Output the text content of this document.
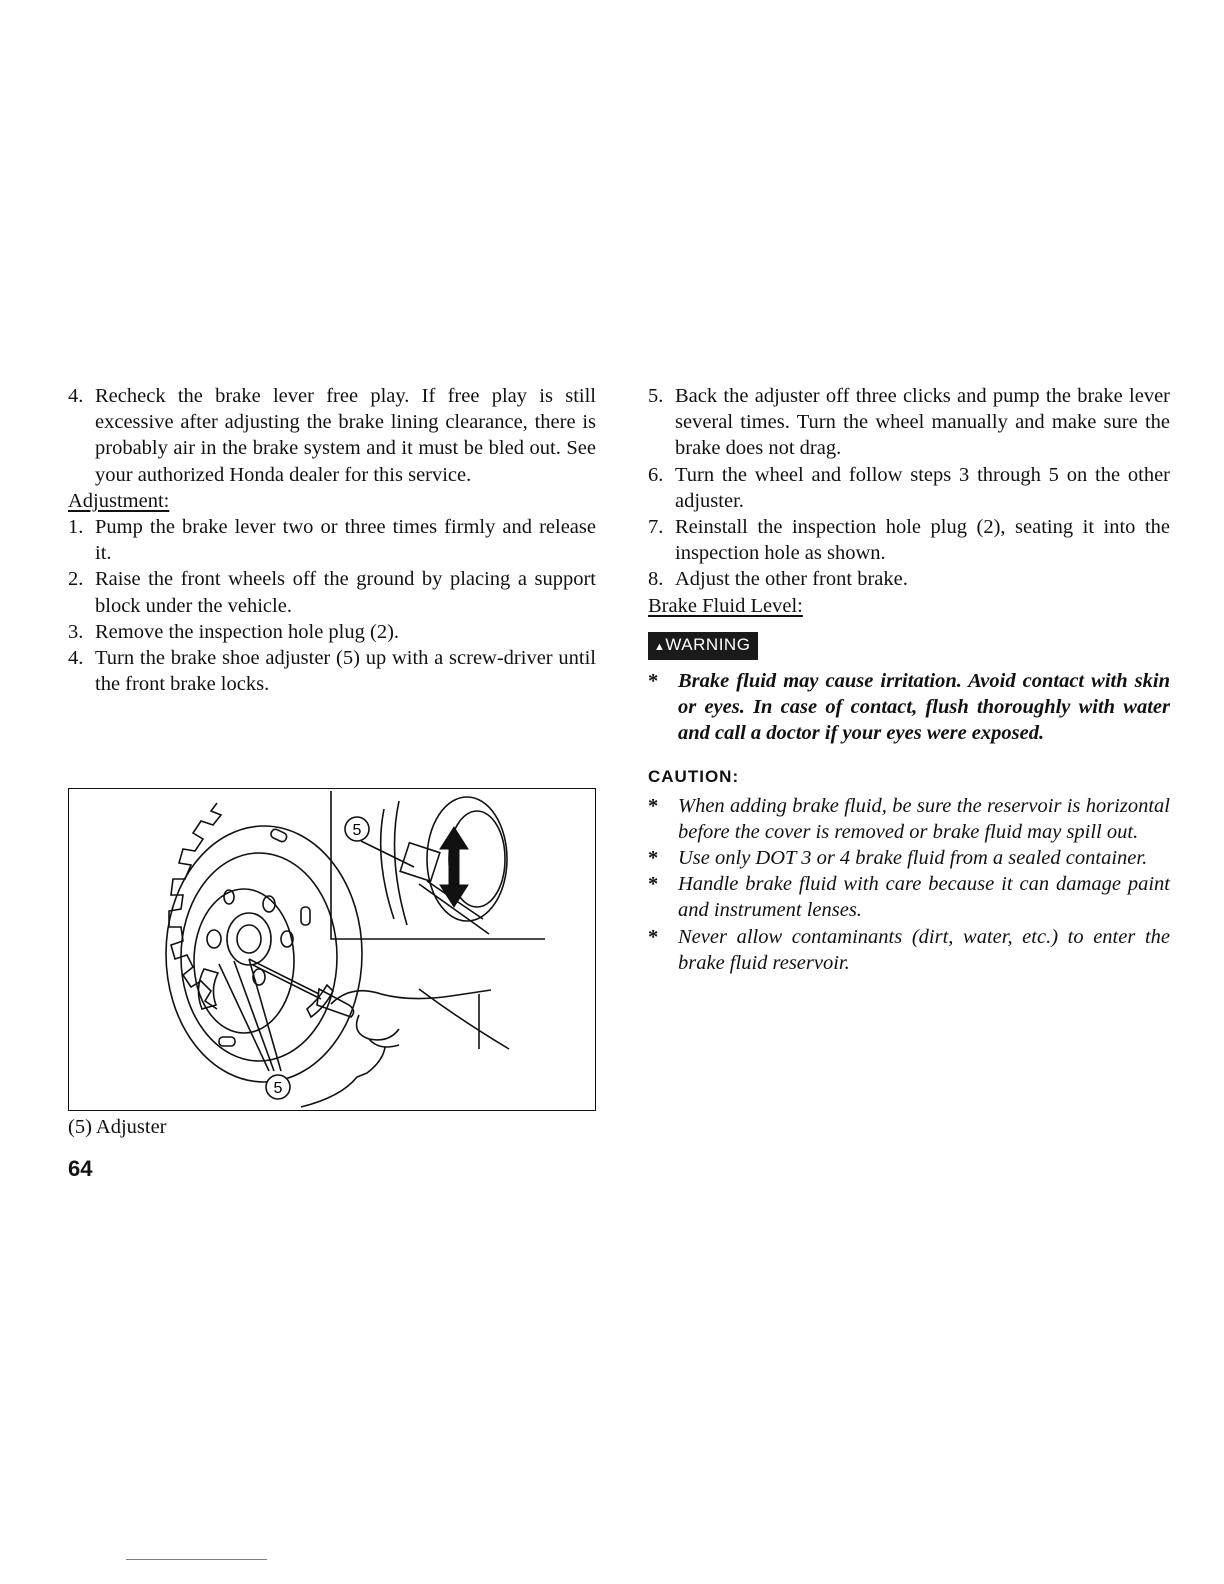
4. Recheck the brake lever free play. If free play is still excessive after adjusting the brake lining clearance, there is probably air in the brake system and it must be bled out. See your authorized Honda dealer for this service.
Adjustment:
1. Pump the brake lever two or three times firmly and release it.
2. Raise the front wheels off the ground by placing a support block under the vehicle.
3. Remove the inspection hole plug (2).
4. Turn the brake shoe adjuster (5) up with a screw-driver until the front brake locks.
5
5
(5) Adjuster
64
5. Back the adjuster off three clicks and pump the brake lever several times. Turn the wheel manually and make sure the brake does not drag.
6. Turn the wheel and follow steps 3 through 5 on the other adjuster.
7. Reinstall the inspection hole plug (2), seating it into the inspection hole as shown.
8. Adjust the other front brake.
Brake Fluid Level:
▲WARNING
* Brake fluid may cause irritation. Avoid contact with skin or eyes. In case of contact, flush thoroughly with water and call a doctor if your eyes were exposed.
CAUTION:
* When adding brake fluid, be sure the reservoir is horizontal before the cover is removed or brake fluid may spill out.
* Use only DOT 3 or 4 brake fluid from a sealed container.
* Handle brake fluid with care because it can damage paint and instrument lenses.
* Never allow contaminants (dirt, water, etc.) to enter the brake fluid reservoir.
